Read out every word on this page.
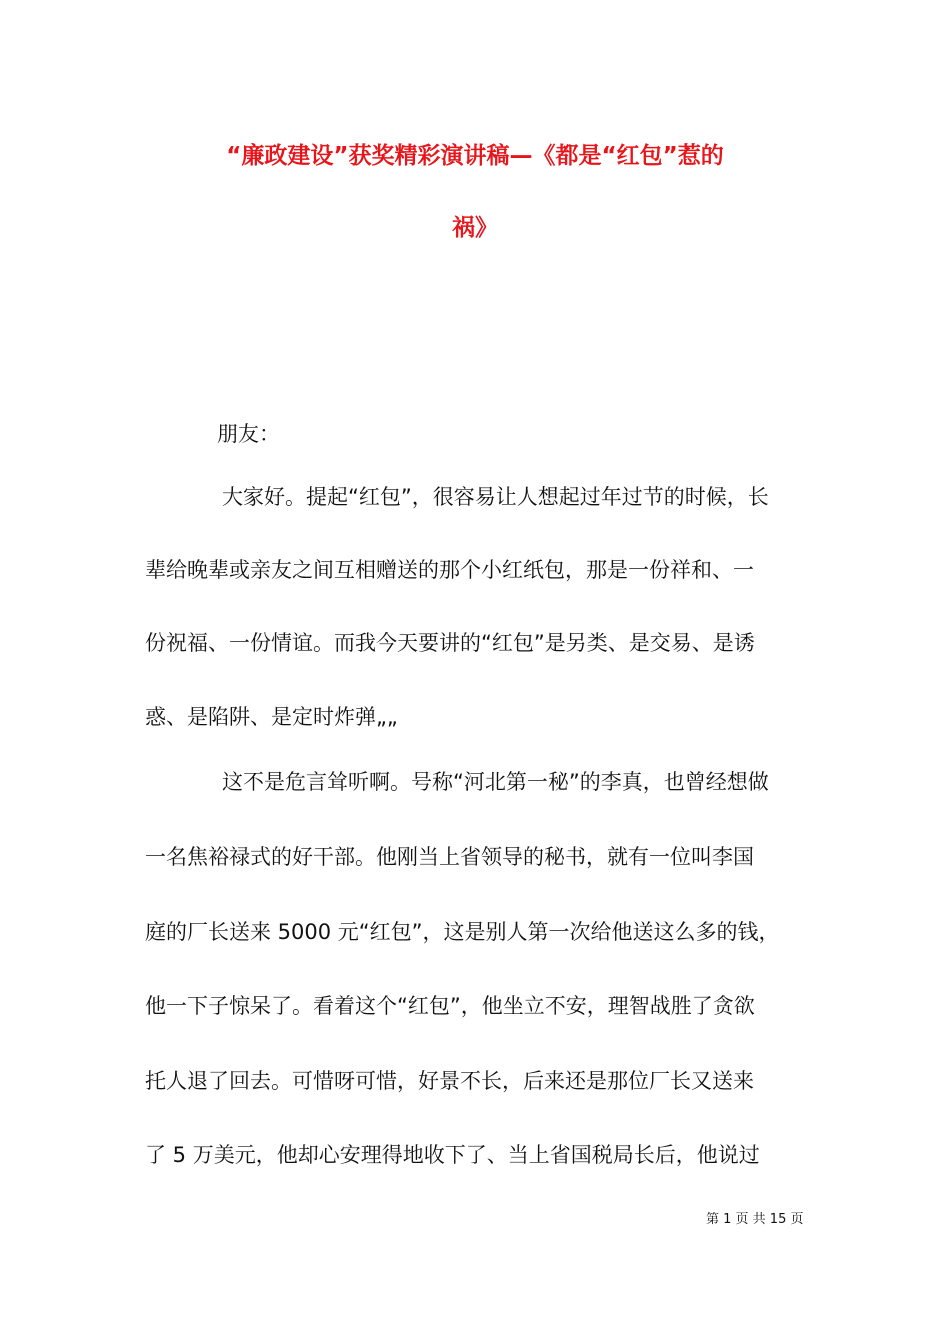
“廉政建设”获奖精彩演讲稿—《都是“红包”惹的
祸》
朋友：
大家好。提起“红包”，很容易让人想起过年过节的时候，长
辈给晚辈或亲友之间互相赠送的那个小红纸包，那是一份祥和、一
份祝福、一份情谊。而我今天要讲的“红包”是另类、是交易、是诱
惑、是陷阱、是定时炸弹„„
这不是危言耸听啊。号称“河北第一秘”的李真，也曾经想做
一名焦裕禄式的好干部。他刚当上省领导的秘书，就有一位叫李国
庭的厂长送来 5000 元“红包”，这是别人第一次给他送这么多的钱，
他一下子惊呆了。看着这个“红包”，他坐立不安，理智战胜了贪欲
托人退了回去。可惜呀可惜，好景不长，后来还是那位厂长又送来
了 5 万美元，他却心安理得地收下了、当上省国税局长后，他说过
第 1 页 共 15 页
